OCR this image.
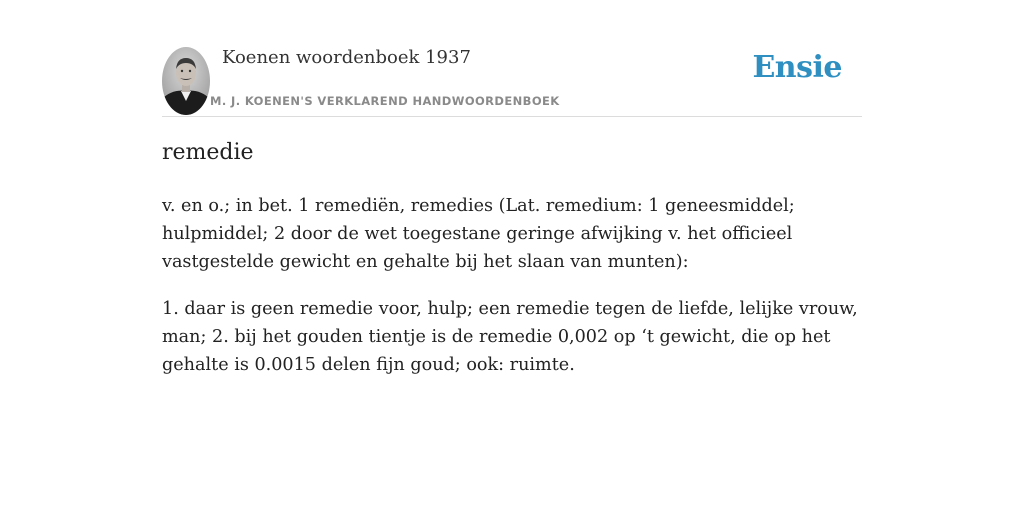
Koenen woordenboek 1937
M. J. KOENEN'S VERKLAREND HANDWOORDENBOEK
Ensie
remedie

v. en o.; in bet. 1 remediën, remedies (Lat. remedium: 1 geneesmiddel; hulpmiddel; 2 door de wet toegestane geringe afwijking v. het officieel vastgestelde gewicht en gehalte bij het slaan van munten):

1. daar is geen remedie voor, hulp; een remedie tegen de liefde, lelijke vrouw, man; 2. bij het gouden tientje is de remedie 0,002 op ‘t gewicht, die op het gehalte is 0.0015 delen fijn goud; ook: ruimte.
